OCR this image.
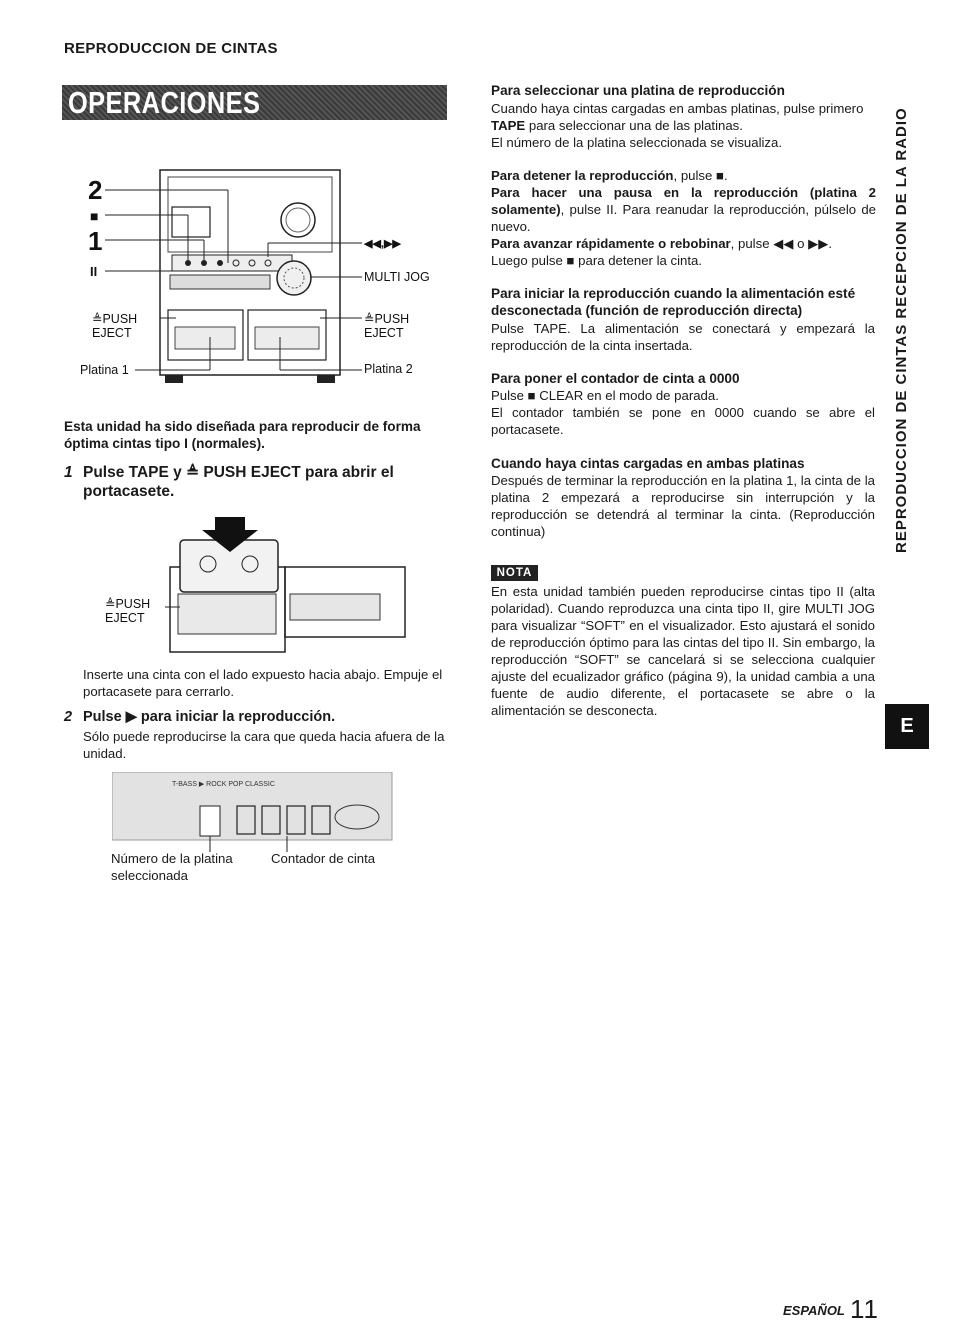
REPRODUCCION DE CINTAS
OPERACIONES BASICAS
2
■
1
II
◀◀,▶▶
MULTI JOG
≜PUSH
EJECT
≜PUSH
EJECT
Platina 1	Platina 2
Esta unidad ha sido diseñada para reproducir de forma óptima cintas tipo I (normales).
1 Pulse TAPE y ≜ PUSH EJECT para abrir el portacasete.
≜PUSH
EJECT
Inserte una cinta con el lado expuesto hacia abajo. Empuje el portacasete para cerrarlo.
2 Pulse ▶ para iniciar la reproducción.
Sólo puede reproducirse la cara que queda hacia afuera de la unidad.
T-BASS ▶ ROCK POP CLASSIC
Número de la platina seleccionada
Contador de cinta
Para seleccionar una platina de reproducción
Cuando haya cintas cargadas en ambas platinas, pulse primero
TAPE para seleccionar una de las platinas.
El número de la platina seleccionada se visualiza.
Para detener la reproducción, pulse ■.
Para hacer una pausa en la reproducción (platina 2 solamente), pulse II. Para reanudar la reproducción, púlselo de nuevo.
Para avanzar rápidamente o rebobinar, pulse ◀◀ o ▶▶.
Luego pulse ■ para detener la cinta.
Para iniciar la reproducción cuando la alimentación esté desconectada (función de reproducción directa)
Pulse TAPE. La alimentación se conectará y empezará la reproducción de la cinta insertada.
Para poner el contador de cinta a 0000
Pulse ■ CLEAR en el modo de parada.
El contador también se pone en 0000 cuando se abre el portacasete.
Cuando haya cintas cargadas en ambas platinas
Después de terminar la reproducción en la platina 1, la cinta de la platina 2 empezará a reproducirse sin interrupción y la reproducción se detendrá al terminar la cinta. (Reproducción continua)
NOTA
En esta unidad también pueden reproducirse cintas tipo II (alta polaridad). Cuando reproduzca una cinta tipo II, gire MULTI JOG para visualizar “SOFT” en el visualizador. Esto ajustará el sonido de reproducción óptimo para las cintas del tipo II. Sin embargo, la reproducción “SOFT” se cancelará si se selecciona cualquier ajuste del ecualizador gráfico (página 9), la unidad cambia a una fuente de audio diferente, el portacasete se abre o la alimentación se desconecta.
REPRODUCCION DE CINTAS RECEPCION DE LA RADIO
E
ESPAÑOL 11
